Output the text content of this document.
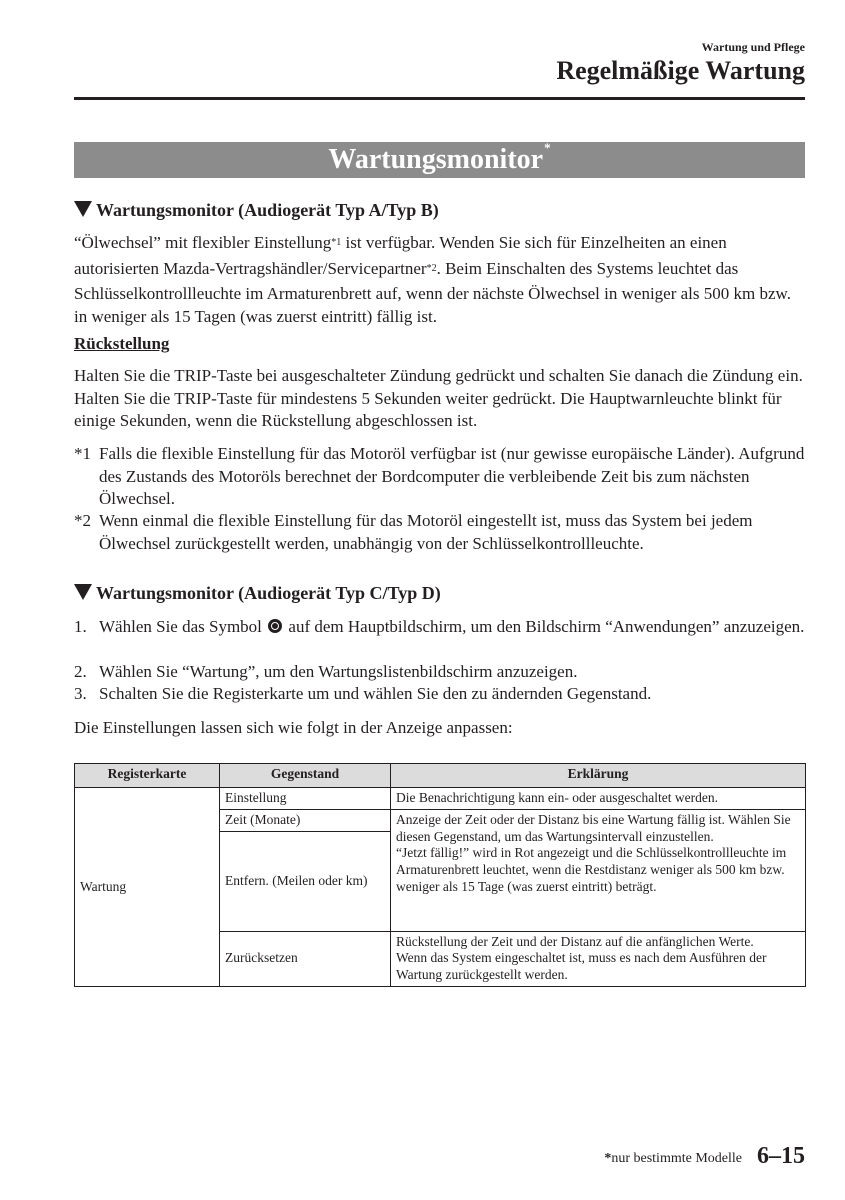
Wartung und Pflege
Regelmäßige Wartung
Wartungsmonitor*
Wartungsmonitor (Audiogerät Typ A/Typ B)
“Ölwechsel” mit flexibler Einstellung$^{*1}$ ist verfügbar. Wenden Sie sich für Einzelheiten an einen autorisierten Mazda-Vertragshändler/Servicepartner$^{*2}$. Beim Einschalten des Systems leuchtet das Schlüsselkontrollleuchte im Armaturenbrett auf, wenn der nächste Ölwechsel in weniger als 500 km bzw. in weniger als 15 Tagen (was zuerst eintritt) fällig ist.
Rückstellung
Halten Sie die TRIP-Taste bei ausgeschalteter Zündung gedrückt und schalten Sie danach die Zündung ein. Halten Sie die TRIP-Taste für mindestens 5 Sekunden weiter gedrückt. Die Hauptwarnleuchte blinkt für einige Sekunden, wenn die Rückstellung abgeschlossen ist.
*1 Falls die flexible Einstellung für das Motoröl verfügbar ist (nur gewisse europäische Länder). Aufgrund des Zustands des Motoröls berechnet der Bordcomputer die verbleibende Zeit bis zum nächsten Ölwechsel.
*2 Wenn einmal die flexible Einstellung für das Motoröl eingestellt ist, muss das System bei jedem Ölwechsel zurückgestellt werden, unabhängig von der Schlüsselkontrollleuchte.
Wartungsmonitor (Audiogerät Typ C/Typ D)
1. Wählen Sie das Symbol  auf dem Hauptbildschirm, um den Bildschirm “Anwendungen” anzuzeigen.
2. Wählen Sie “Wartung”, um den Wartungslistenbildschirm anzuzeigen.
3. Schalten Sie die Registerkarte um und wählen Sie den zu ändernden Gegenstand.
Die Einstellungen lassen sich wie folgt in der Anzeige anpassen:
Registerkarte	Gegenstand	Erklärung
Wartung	Einstellung	Die Benachrichtigung kann ein- oder ausgeschaltet werden.
	Zeit (Monate)	Anzeige der Zeit oder der Distanz bis eine Wartung fällig ist. Wählen Sie diesen Gegenstand, um das Wartungsintervall einzustellen.
“Jetzt fällig!” wird in Rot angezeigt und die Schlüsselkontrollleuchte im Armaturenbrett leuchtet, wenn die Restdistanz weniger als 500 km bzw. weniger als 15 Tage (was zuerst eintritt) beträgt.

	Entfern. (Meilen oder km)	
	Zurücksetzen	Rückstellung der Zeit und der Distanz auf die anfänglichen Werte.
Wenn das System eingeschaltet ist, muss es nach dem Ausführen der Wartung zurückgestellt werden.
*nur bestimmte Modelle 6–15
